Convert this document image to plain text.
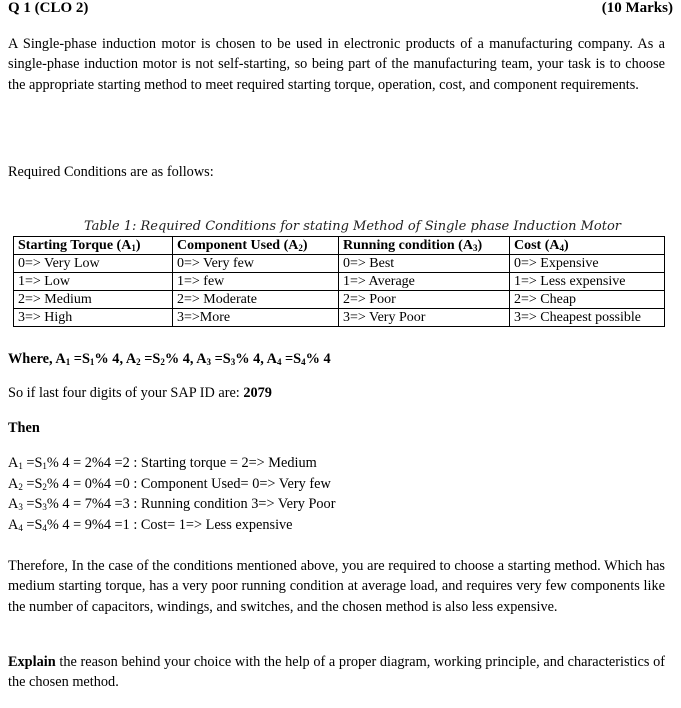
Q 1 (CLO 2)	(10 Marks)

A Single-phase induction motor is chosen to be used in electronic products of a manufacturing company. As a single-phase induction motor is not self-starting, so being part of the manufacturing team, your task is to choose the appropriate starting method to meet required starting torque, operation, cost, and component requirements.

Required Conditions are as follows:

Table 1: Required Conditions for stating Method of Single phase Induction Motor
Starting Torque $(A_1)$	Component Used $(A_2)$	Running condition $(A_3)$	Cost $(A_4)$
0=> Very Low	0=> Very few	0=> Best	0=> Expensive
1=> Low	1=> few	1=> Average	1=> Less expensive
2=> Medium	2=> Moderate	2=> Poor	2=> Cheap
3=> High	3=>More	3=> Very Poor	3=> Cheapest possible

Where, $A_1 =S_1\%$ 4, $A_2 =S_2\%$ 4, $A_3 =S_3\%$ 4, $A_4 =S_4\%$ 4

So if last four digits of your SAP ID are: 2079

Then

$A_1 =S_1\%$ 4 = 2%4 =2 : Starting torque = 2=> Medium
$A_2 =S_2\%$ 4 = 0%4 =0 : Component Used= 0=> Very few
$A_3 =S_3\%$ 4 = 7%4 =3 : Running condition 3=> Very Poor
$A_4 =S_4\%$ 4 = 9%4 =1 : Cost= 1=> Less expensive

Therefore, In the case of the conditions mentioned above, you are required to choose a starting method. Which has medium starting torque, has a very poor running condition at average load, and requires very few components like the number of capacitors, windings, and switches, and the chosen method is also less expensive.

Explain the reason behind your choice with the help of a proper diagram, working principle, and characteristics of the chosen method.
